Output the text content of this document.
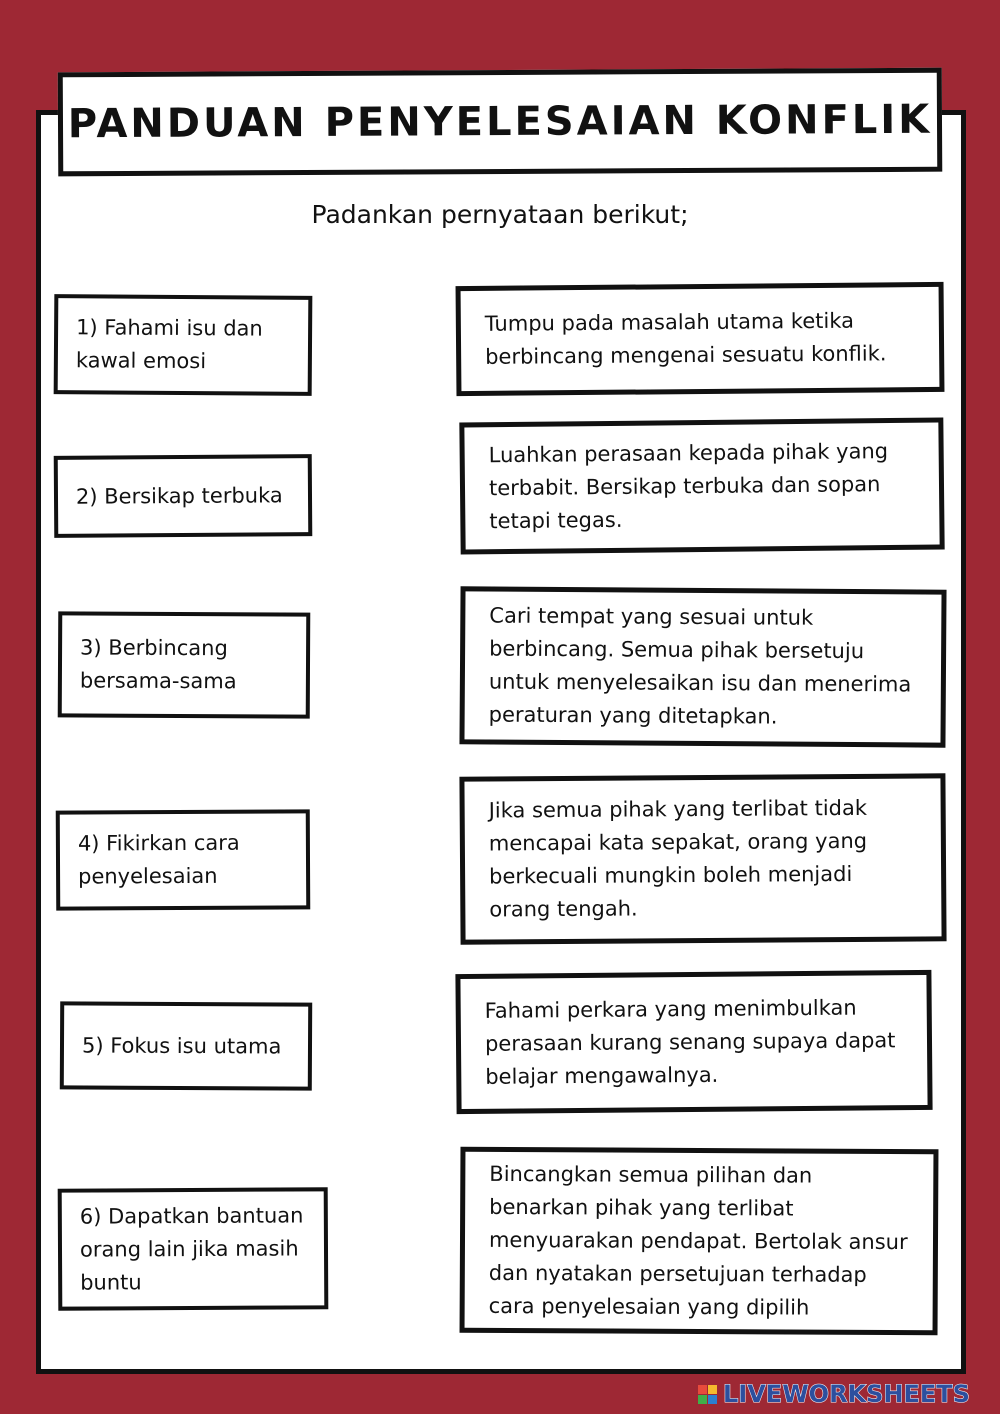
PANDUAN PENYELESAIAN KONFLIK

Padankan pernyataan berikut;

1) Fahami isu dan kawal emosi
2) Bersikap terbuka
3) Berbincang bersama-sama
4) Fikirkan cara penyelesaian
5) Fokus isu utama
6) Dapatkan bantuan orang lain jika masih buntu
Tumpu pada masalah utama ketika berbincang mengenai sesuatu konflik.
Luahkan perasaan kepada pihak yang terbabit. Bersikap terbuka dan sopan tetapi tegas.
Cari tempat yang sesuai untuk berbincang. Semua pihak bersetuju untuk menyelesaikan isu dan menerima peraturan yang ditetapkan.
Jika semua pihak yang terlibat tidak mencapai kata sepakat, orang yang berkecuali mungkin boleh menjadi orang tengah.
Fahami perkara yang menimbulkan perasaan kurang senang supaya dapat belajar mengawalnya.
Bincangkan semua pilihan dan benarkan pihak yang terlibat menyuarakan pendapat. Bertolak ansur dan nyatakan persetujuan terhadap cara penyelesaian yang dipilih
LIVEWORKSHEETS
